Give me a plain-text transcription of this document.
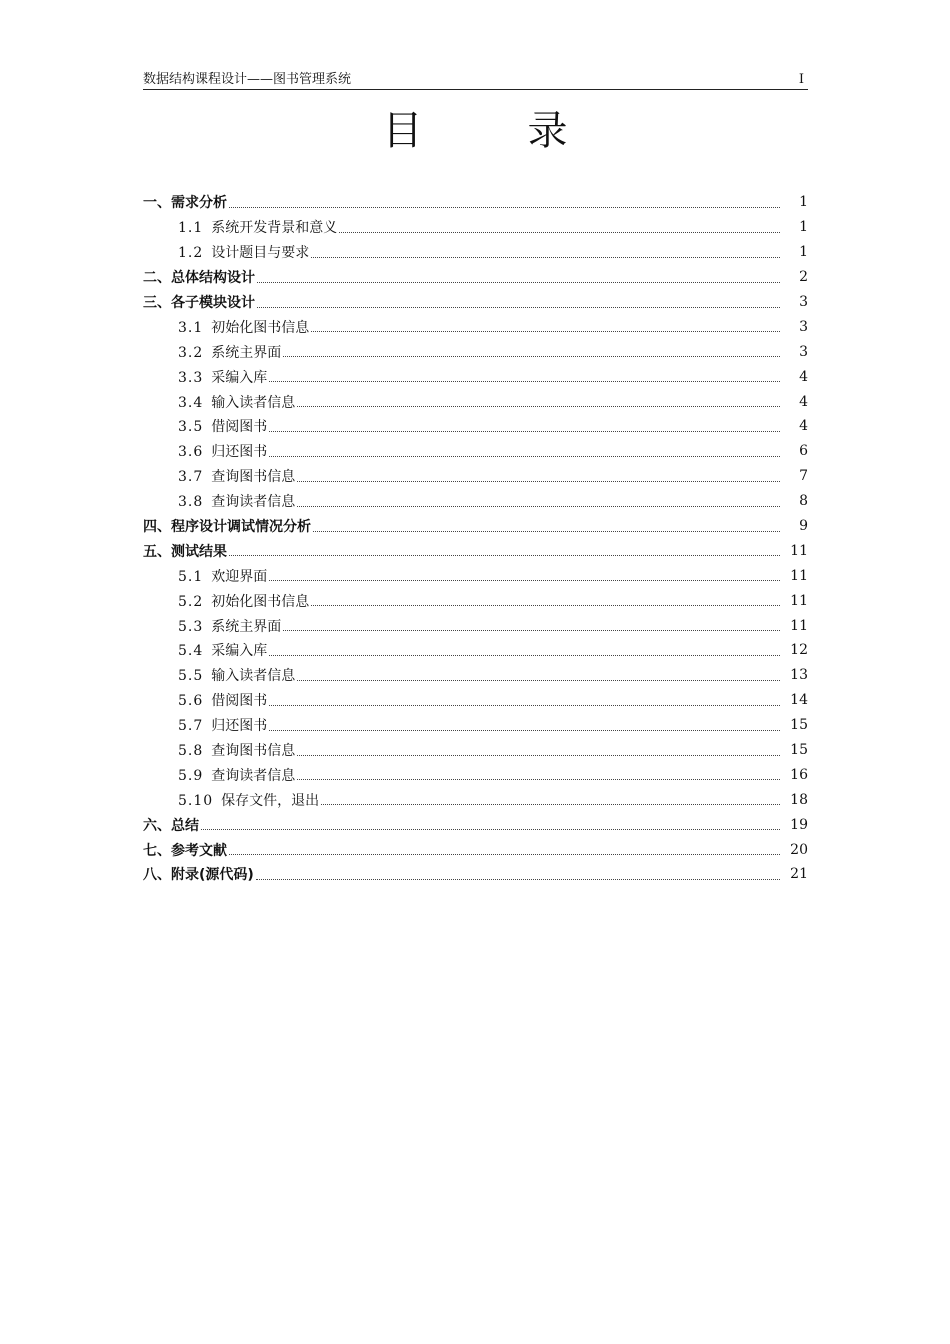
数据结构课程设计——图书管理系统	I
目	录
一、需求分析	1
1.1 系统开发背景和意义	1
1.2 设计题目与要求	1
二、总体结构设计	2
三、各子模块设计	3
3.1 初始化图书信息	3
3.2 系统主界面	3
3.3 采编入库	4
3.4 输入读者信息	4
3.5 借阅图书	4
3.6 归还图书	6
3.7 查询图书信息	7
3.8 查询读者信息	8
四、程序设计调试情况分析	9
五、测试结果	11
5.1 欢迎界面	11
5.2 初始化图书信息	11
5.3 系统主界面	11
5.4 采编入库	12
5.5 输入读者信息	13
5.6 借阅图书	14
5.7 归还图书	15
5.8 查询图书信息	15
5.9 查询读者信息	16
5.10 保存文件，退出	18
六、总结	19
七、参考文献	20
八、附录(源代码)	21
